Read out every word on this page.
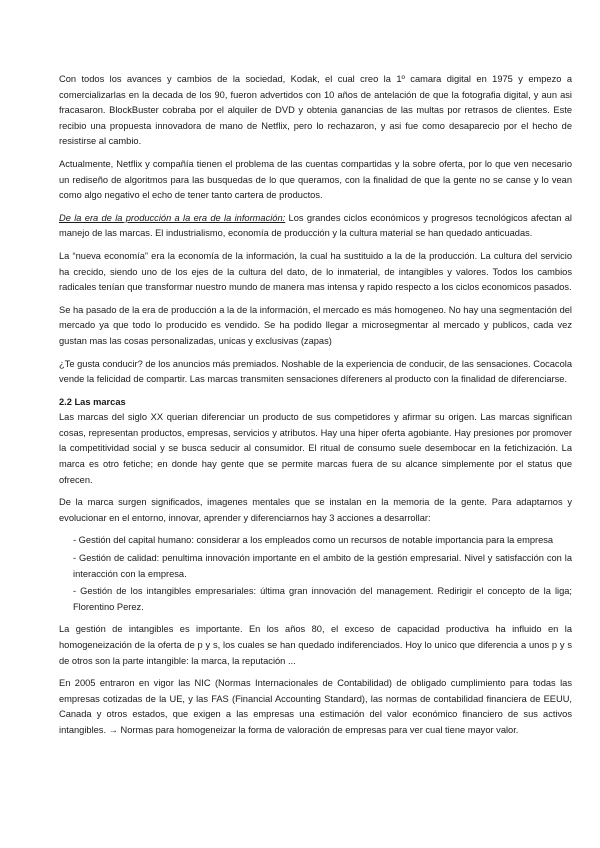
Con todos los avances y cambios de la sociedad, Kodak, el cual creo la 1º camara digital en 1975 y empezo a comercializarlas en la decada de los 90, fueron advertidos con 10 años de antelación de que la fotografia digital, y aun asi fracasaron. BlockBuster cobraba por el alquiler de DVD y obtenia ganancias de las multas por retrasos de clientes. Este recibio una propuesta innovadora de mano de Netflix, pero lo rechazaron, y asi fue como desaparecio por el hecho de resistirse al cambio.

Actualmente, Netflix y compañía tienen el problema de las cuentas compartidas y la sobre oferta, por lo que ven necesario un rediseño de algoritmos para las busquedas de lo que queramos, con la finalidad de que la gente no se canse y lo vean como algo negativo el echo de tener tanto cartera de productos.

De la era de la producción a la era de la información: Los grandes ciclos económicos y progresos tecnológicos afectan al manejo de las marcas. El industrialismo, economía de producción y la cultura material se han quedado anticuadas.

La “nueva economía” era la economía de la información, la cual ha sustituido a la de la producción. La cultura del servicio ha crecido, siendo uno de los ejes de la cultura del dato, de lo inmaterial, de intangibles y valores. Todos los cambios radicales tenían que transformar nuestro mundo de manera mas intensa y rapido respecto a los ciclos economicos pasados.

Se ha pasado de la era de producción a la de la información, el mercado es más homogeneo. No hay una segmentación del mercado ya que todo lo producido es vendido. Se ha podido llegar a microsegmentar al mercado y publicos, cada vez gustan mas las cosas personalizadas, unicas y exclusivas (zapas)

¿Te gusta conducir? de los anuncios más premiados. Noshable de la experiencia de conducir, de las sensaciones. Cocacola vende la felicidad de compartir. Las marcas transmiten sensaciones dífereners al producto con la finalidad de diferenciarse.

2.2 Las marcas

Las marcas del siglo XX querian diferenciar un producto de sus competidores y afirmar su origen. Las marcas significan cosas, representan productos, empresas, servicios y atributos. Hay una hiper oferta agobiante. Hay presiones por promover la competitividad social y se busca seducir al consumidor. El ritual de consumo suele desembocar en la fetichización. La marca es otro fetiche; en donde hay gente que se permite marcas fuera de su alcance simplemente por el status que ofrecen.

De la marca surgen significados, imagenes mentales que se instalan en la memoria de la gente. Para adaptarnos y evolucionar en el entorno, innovar, aprender y diferenciarnos hay 3 acciones a desarrollar:

- Gestión del capital humano: considerar a los empleados como un recursos de notable importancia para la empresa
- Gestión de calidad: penultima innovación importante en el ambito de la gestión empresarial. Nivel y satisfacción con la interacción con la empresa.
- Gestión de los intangibles empresariales: última gran innovación del management. Redirigir el concepto de la liga; Florentino Perez.

La gestión de intangibles es importante. En los años 80, el exceso de capacidad productiva ha influido en la homogeneización de la oferta de p y s, los cuales se han quedado indiferenciados. Hoy lo unico que diferencia a unos p y s de otros son la parte intangible: la marca, la reputación ...

En 2005 entraron en vigor las NIC (Normas Internacionales de Contabilidad) de obligado cumplimiento para todas las empresas cotizadas de la UE, y las FAS (Financial Accounting Standard), las normas de contabilidad financiera de EEUU, Canada y otros estados, que exigen a las empresas una estimación del valor económico financiero de sus activos intangibles. → Normas para homogeneizar la forma de valoración de empresas para ver cual tiene mayor valor.
